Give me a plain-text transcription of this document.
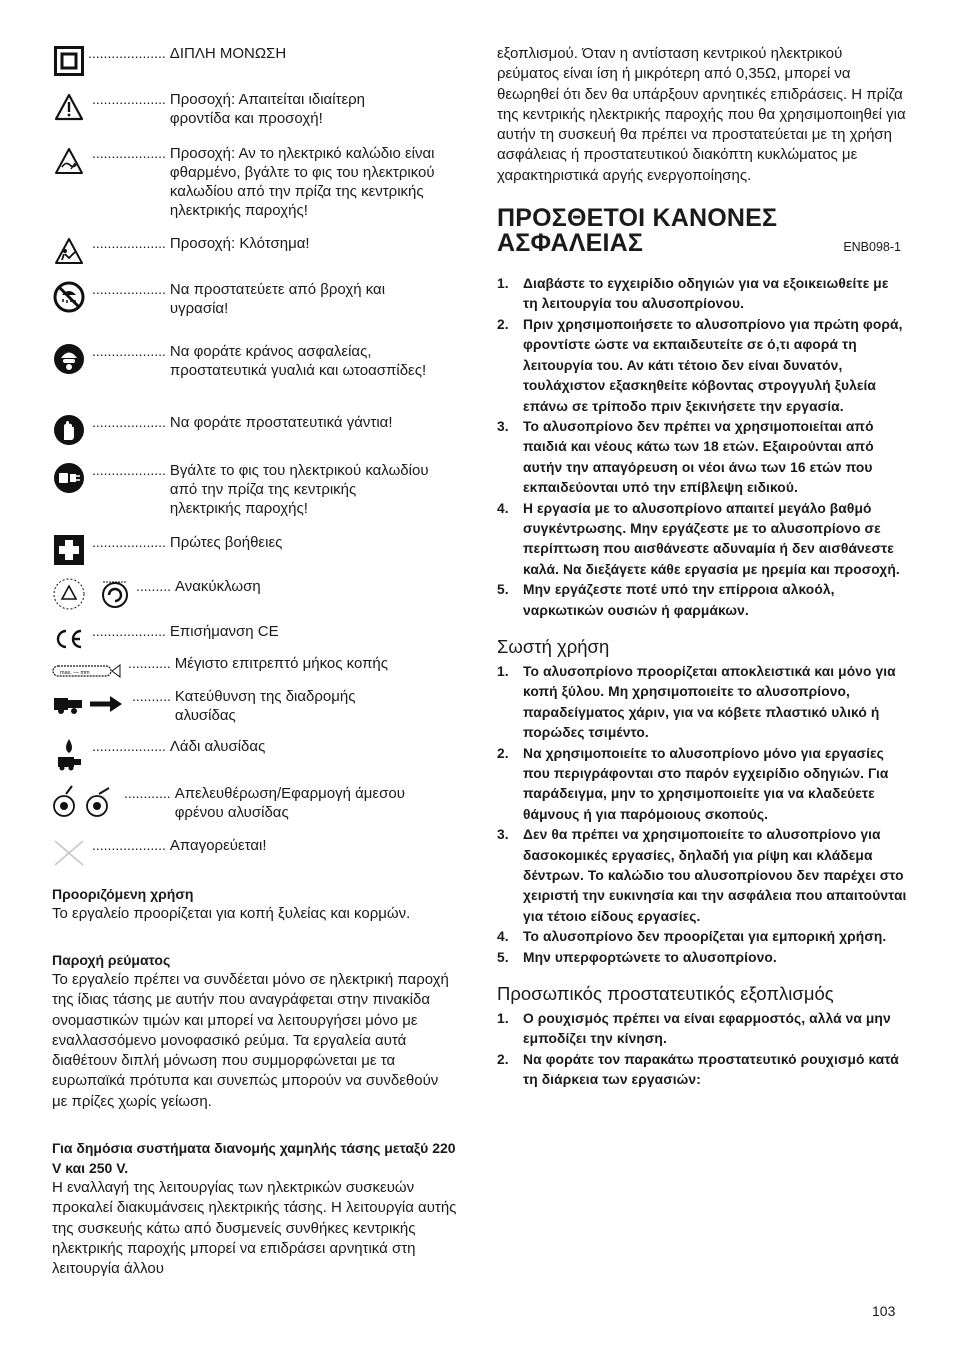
.................... ΔΙΠΛΗ ΜΟΝΩΣΗ
................... Προσοχή: Απαιτείται ιδιαίτερη φροντίδα και προσοχή!
................... Προσοχή: Αν το ηλεκτρικό καλώδιο είναι φθαρμένο, βγάλτε το φις του ηλεκτρικού καλωδίου από την πρίζα της κεντρικής ηλεκτρικής παροχής!
................... Προσοχή: Κλότσημα!
................... Να προστατεύετε από βροχή και υγρασία!
................... Να φοράτε κράνος ασφαλείας, προστατευτικά γυαλιά και ωτοασπίδες!
................... Να φοράτε προστατευτικά γάντια!
................... Βγάλτε το φις του ηλεκτρικού καλωδίου από την πρίζα της κεντρικής ηλεκτρικής παροχής!
................... Πρώτες βοήθειες
......... Ανακύκλωση
................... Επισήμανση CE
max. — mm
........... Μέγιστο επιτρεπτό μήκος κοπής
.......... Κατεύθυνση της διαδρομής αλυσίδας
................... Λάδι αλυσίδας
............ Απελευθέρωση/Εφαρμογή άμεσου φρένου αλυσίδας
................... Απαγορεύεται!
Προοριζόμενη χρήση
Το εργαλείο προορίζεται για κοπή ξυλείας και κορμών.
Παροχή ρεύματος
Το εργαλείο πρέπει να συνδέεται μόνο σε ηλεκτρική παροχή της ίδιας τάσης με αυτήν που αναγράφεται στην πινακίδα ονομαστικών τιμών και μπορεί να λειτουργήσει μόνο με εναλλασσόμενο μονοφασικό ρεύμα. Τα εργαλεία αυτά διαθέτουν διπλή μόνωση που συμμορφώνεται με τα ευρωπαϊκά πρότυπα και συνεπώς μπορούν να συνδεθούν με πρίζες χωρίς γείωση.
Για δημόσια συστήματα διανομής χαμηλής τάσης μεταξύ 220 V και 250 V.
Η εναλλαγή της λειτουργίας των ηλεκτρικών συσκευών προκαλεί διακυμάνσεις ηλεκτρικής τάσης. Η λειτουργία αυτής της συσκευής κάτω από δυσμενείς συνθήκες κεντρικής ηλεκτρικής παροχής μπορεί να επιδράσει αρνητικά στη λειτουργία άλλου
εξοπλισμού. Όταν η αντίσταση κεντρικού ηλεκτρικού ρεύματος είναι ίση ή μικρότερη από 0,35Ω, μπορεί να θεωρηθεί ότι δεν θα υπάρξουν αρνητικές επιδράσεις. Η πρίζα της κεντρικής ηλεκτρικής παροχής που θα χρησιμοποιηθεί για αυτήν τη συσκευή θα πρέπει να προστατεύεται με τη χρήση ασφάλειας ή προστατευτικού διακόπτη κυκλώματος με χαρακτηριστικά αργής ενεργοποίησης.
ΠΡΟΣΘΕΤΟΙ ΚΑΝΟΝΕΣ
ΑΣΦΑΛΕΙΑΣ	ENB098-1
1. Διαβάστε το εγχειρίδιο οδηγιών για να εξοικειωθείτε με τη λειτουργία του αλυσοπρίονου.
2. Πριν χρησιμοποιήσετε το αλυσοπρίονο για πρώτη φορά, φροντίστε ώστε να εκπαιδευτείτε σε ό,τι αφορά τη λειτουργία του. Αν κάτι τέτοιο δεν είναι δυνατόν, τουλάχιστον εξασκηθείτε κόβοντας στρογγυλή ξυλεία επάνω σε τρίποδο πριν ξεκινήσετε την εργασία.
3. Το αλυσοπρίονο δεν πρέπει να χρησιμοποιείται από παιδιά και νέους κάτω των 18 ετών. Εξαιρούνται από αυτήν την απαγόρευση οι νέοι άνω των 16 ετών που εκπαιδεύονται υπό την επίβλεψη ειδικού.
4. Η εργασία με το αλυσοπρίονο απαιτεί μεγάλο βαθμό συγκέντρωσης. Μην εργάζεστε με το αλυσοπρίονο σε περίπτωση που αισθάνεστε αδυναμία ή δεν αισθάνεστε καλά. Να διεξάγετε κάθε εργασία με ηρεμία και προσοχή.
5. Μην εργάζεστε ποτέ υπό την επίρροια αλκοόλ, ναρκωτικών ουσιών ή φαρμάκων.
Σωστή χρήση
1. Το αλυσοπρίονο προορίζεται αποκλειστικά και μόνο για κοπή ξύλου. Μη χρησιμοποιείτε το αλυσοπρίονο, παραδείγματος χάριν, για να κόβετε πλαστικό υλικό ή πορώδες τσιμέντο.
2. Να χρησιμοποιείτε το αλυσοπρίονο μόνο για εργασίες που περιγράφονται στο παρόν εγχειρίδιο οδηγιών. Για παράδειγμα, μην το χρησιμοποιείτε για να κλαδεύετε θάμνους ή για παρόμοιους σκοπούς.
3. Δεν θα πρέπει να χρησιμοποιείτε το αλυσοπρίονο για δασοκομικές εργασίες, δηλαδή για ρίψη και κλάδεμα δέντρων. Το καλώδιο του αλυσοπρίονου δεν παρέχει στο χειριστή την ευκινησία και την ασφάλεια που απαιτούνται για τέτοιο είδους εργασίες.
4. Το αλυσοπρίονο δεν προορίζεται για εμπορική χρήση.
5. Μην υπερφορτώνετε το αλυσοπρίονο.
Προσωπικός προστατευτικός εξοπλισμός
1. Ο ρουχισμός πρέπει να είναι εφαρμοστός, αλλά να μην εμποδίζει την κίνηση.
2. Να φοράτε τον παρακάτω προστατευτικό ρουχισμό κατά τη διάρκεια των εργασιών:
103
